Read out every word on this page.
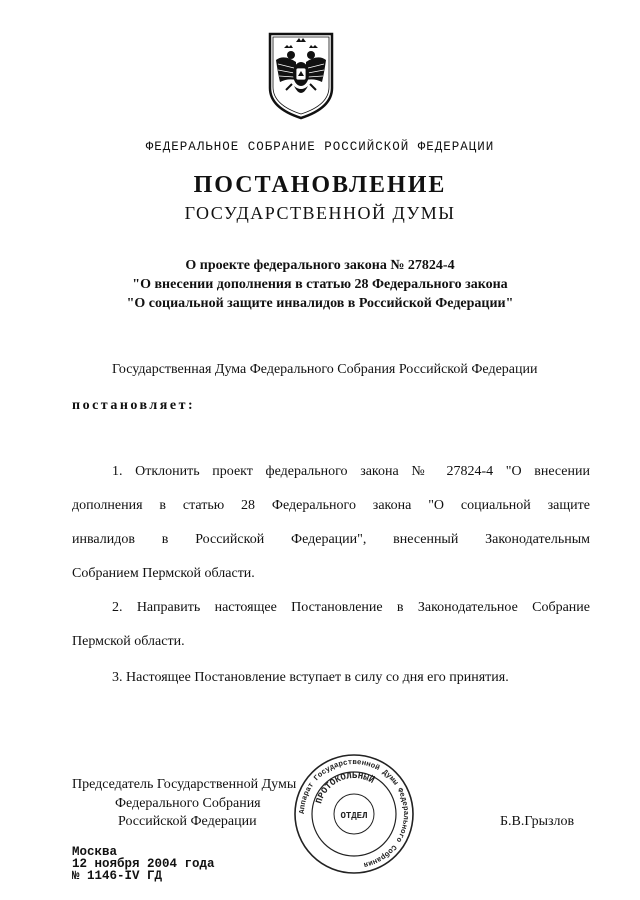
ФЕДЕРАЛЬНОЕ СОБРАНИЕ РОССИЙСКОЙ ФЕДЕРАЦИИ
ПОСТАНОВЛЕНИЕ
ГОСУДАРСТВЕННОЙ ДУМЫ
О проекте федерального закона № 27824-4
"О внесении дополнения в статью 28 Федерального закона
"О социальной защите инвалидов в Российской Федерации"
Государственная Дума Федерального Собрания Российской Федерации
постановляет:
1. Отклонить проект федерального закона № 27824-4 "О внесении
дополнения в статью 28 Федерального закона "О социальной защите
инвалидов в Российской Федерации", внесенный Законодательным
Собранием Пермской области.
2. Направить настоящее Постановление в Законодательное Собрание
Пермской области.
3. Настоящее Постановление вступает в силу со дня его принятия.
Председатель Государственной Думы
Федерального Собрания
Российской Федерации	Б.В.Грызлов
Аппарат Государственной Думы Федерального Собрания
ПРОТОКОЛЬНЫЙ
ОТДЕЛ
Москва
12 ноября 2004 года
№ 1146-IV ГД
